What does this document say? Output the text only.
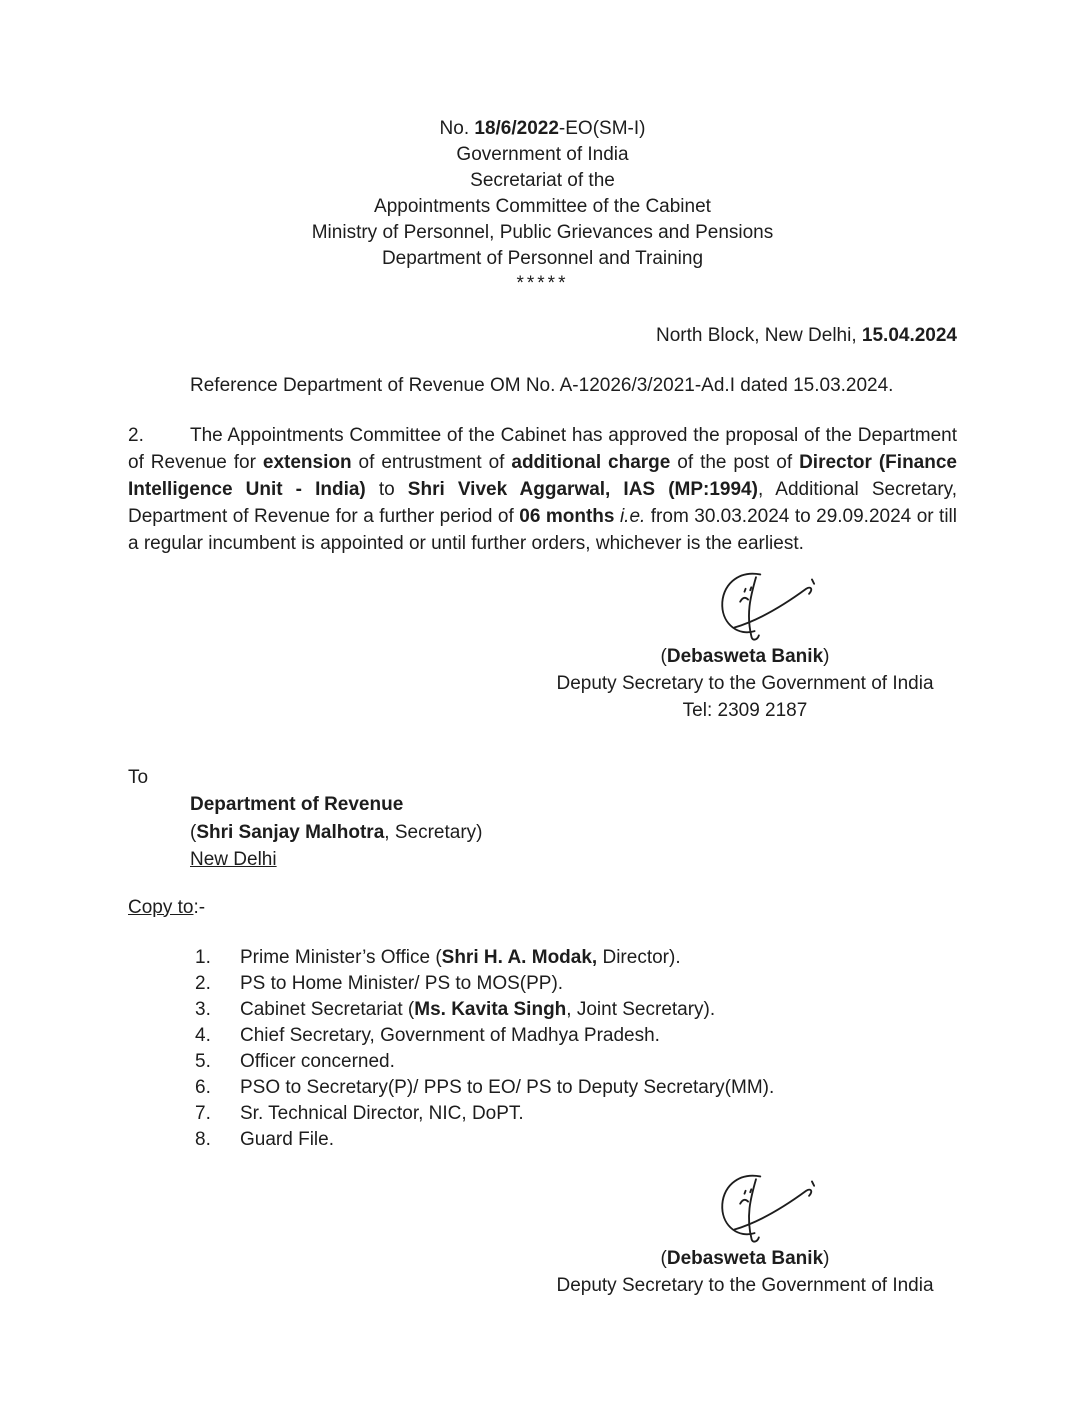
No. 18/6/2022-EO(SM-I)
Government of India
Secretariat of the
Appointments Committee of the Cabinet
Ministry of Personnel, Public Grievances and Pensions
Department of Personnel and Training
*****
North Block, New Delhi, 15.04.2024
Reference Department of Revenue OM No. A-12026/3/2021-Ad.I dated 15.03.2024.
2. The Appointments Committee of the Cabinet has approved the proposal of the Department of Revenue for extension of entrustment of additional charge of the post of Director (Finance Intelligence Unit - India) to Shri Vivek Aggarwal, IAS (MP:1994), Additional Secretary, Department of Revenue for a further period of 06 months i.e. from 30.03.2024 to 29.09.2024 or till a regular incumbent is appointed or until further orders, whichever is the earliest.
(Debasweta Banik)
Deputy Secretary to the Government of India
Tel: 2309 2187
To
Department of Revenue
(Shri Sanjay Malhotra, Secretary)
New Delhi
Copy to:-
1.	Prime Minister’s Office (Shri H. A. Modak, Director).
2.	PS to Home Minister/ PS to MOS(PP).
3.	Cabinet Secretariat (Ms. Kavita Singh, Joint Secretary).
4.	Chief Secretary, Government of Madhya Pradesh.
5.	Officer concerned.
6.	PSO to Secretary(P)/ PPS to EO/ PS to Deputy Secretary(MM).
7.	Sr. Technical Director, NIC, DoPT.
8.	Guard File.
(Debasweta Banik)
Deputy Secretary to the Government of India
